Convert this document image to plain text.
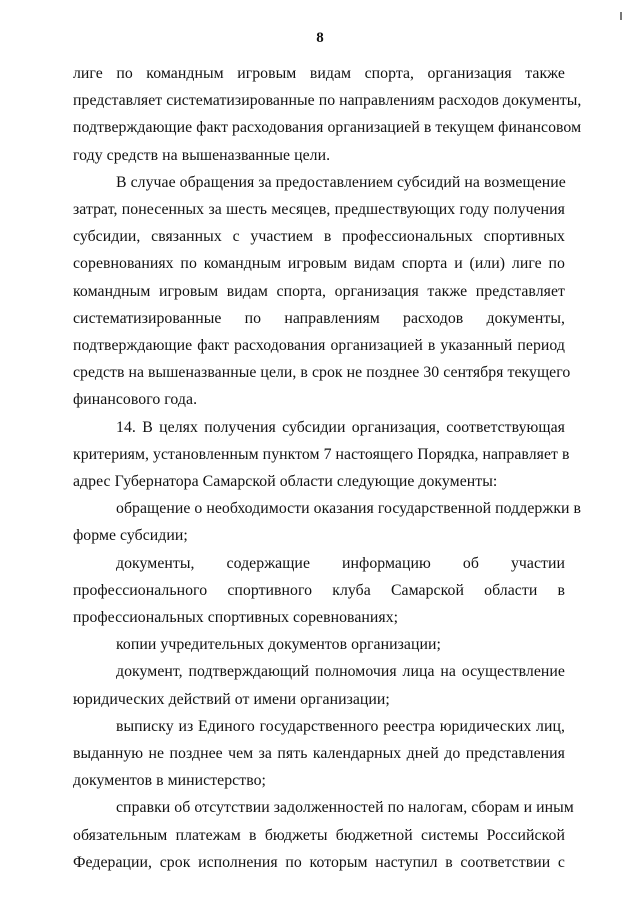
8
лиге по командным игровым видам спорта, организация также
представляет систематизированные по направлениям расходов документы,
подтверждающие факт расходования организацией в текущем финансовом
году средств на вышеназванные цели.
В случае обращения за предоставлением субсидий на возмещение
затрат, понесенных за шесть месяцев, предшествующих году получения
субсидии, связанных с участием в профессиональных спортивных
соревнованиях по командным игровым видам спорта и (или) лиге по
командным игровым видам спорта, организация также представляет
систематизированные по направлениям расходов документы,
подтверждающие факт расходования организацией в указанный период
средств на вышеназванные цели, в срок не позднее 30 сентября текущего
финансового года.
14. В целях получения субсидии организация, соответствующая
критериям, установленным пунктом 7 настоящего Порядка, направляет в
адрес Губернатора Самарской области следующие документы:
обращение о необходимости оказания государственной поддержки в
форме субсидии;
документы, содержащие информацию об участии
профессионального спортивного клуба Самарской области в
профессиональных спортивных соревнованиях;
копии учредительных документов организации;
документ, подтверждающий полномочия лица на осуществление
юридических действий от имени организации;
выписку из Единого государственного реестра юридических лиц,
выданную не позднее чем за пять календарных дней до представления
документов в министерство;
справки об отсутствии задолженностей по налогам, сборам и иным
обязательным платежам в бюджеты бюджетной системы Российской
Федерации, срок исполнения по которым наступил в соответствии с
